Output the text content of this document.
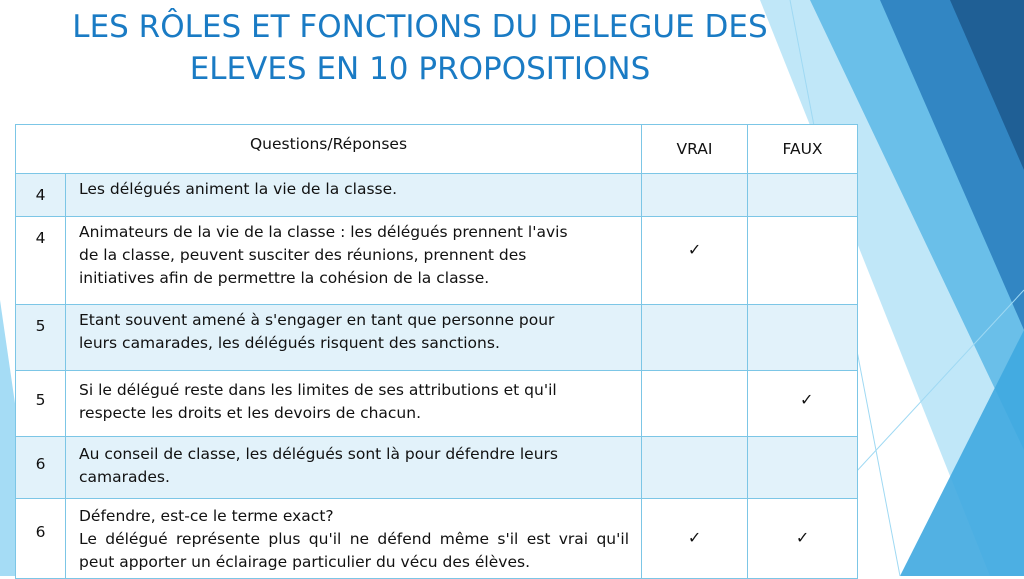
LES RÔLES ET FONCTIONS DU DELEGUE DES
ELEVES EN 10 PROPOSITIONS
Questions/Réponses		VRAI	FAUX
4	Les délégués animent la vie de la classe.		

4	Animateurs de la vie de la classe : les délégués prennent l'avis
de la classe, peuvent susciter des réunions, prennent des
initiatives afin de permettre la cohésion de la classe.	✓	
5	Etant souvent amené à s'engager en tant que personne pour
leurs camarades, les délégués risquent des sanctions.		

5	Si le délégué reste dans les limites de ses attributions et qu'il
respecte les droits et les devoirs de chacun.		✓
6	Au conseil de classe, les délégués sont là pour défendre leurs
camarades.		

6	Défendre, est-ce le terme exact?
Le délégué représente plus qu'il ne défend même s'il est vrai qu'il peut apporter un éclairage particulier du vécu des élèves.	✓	✓
